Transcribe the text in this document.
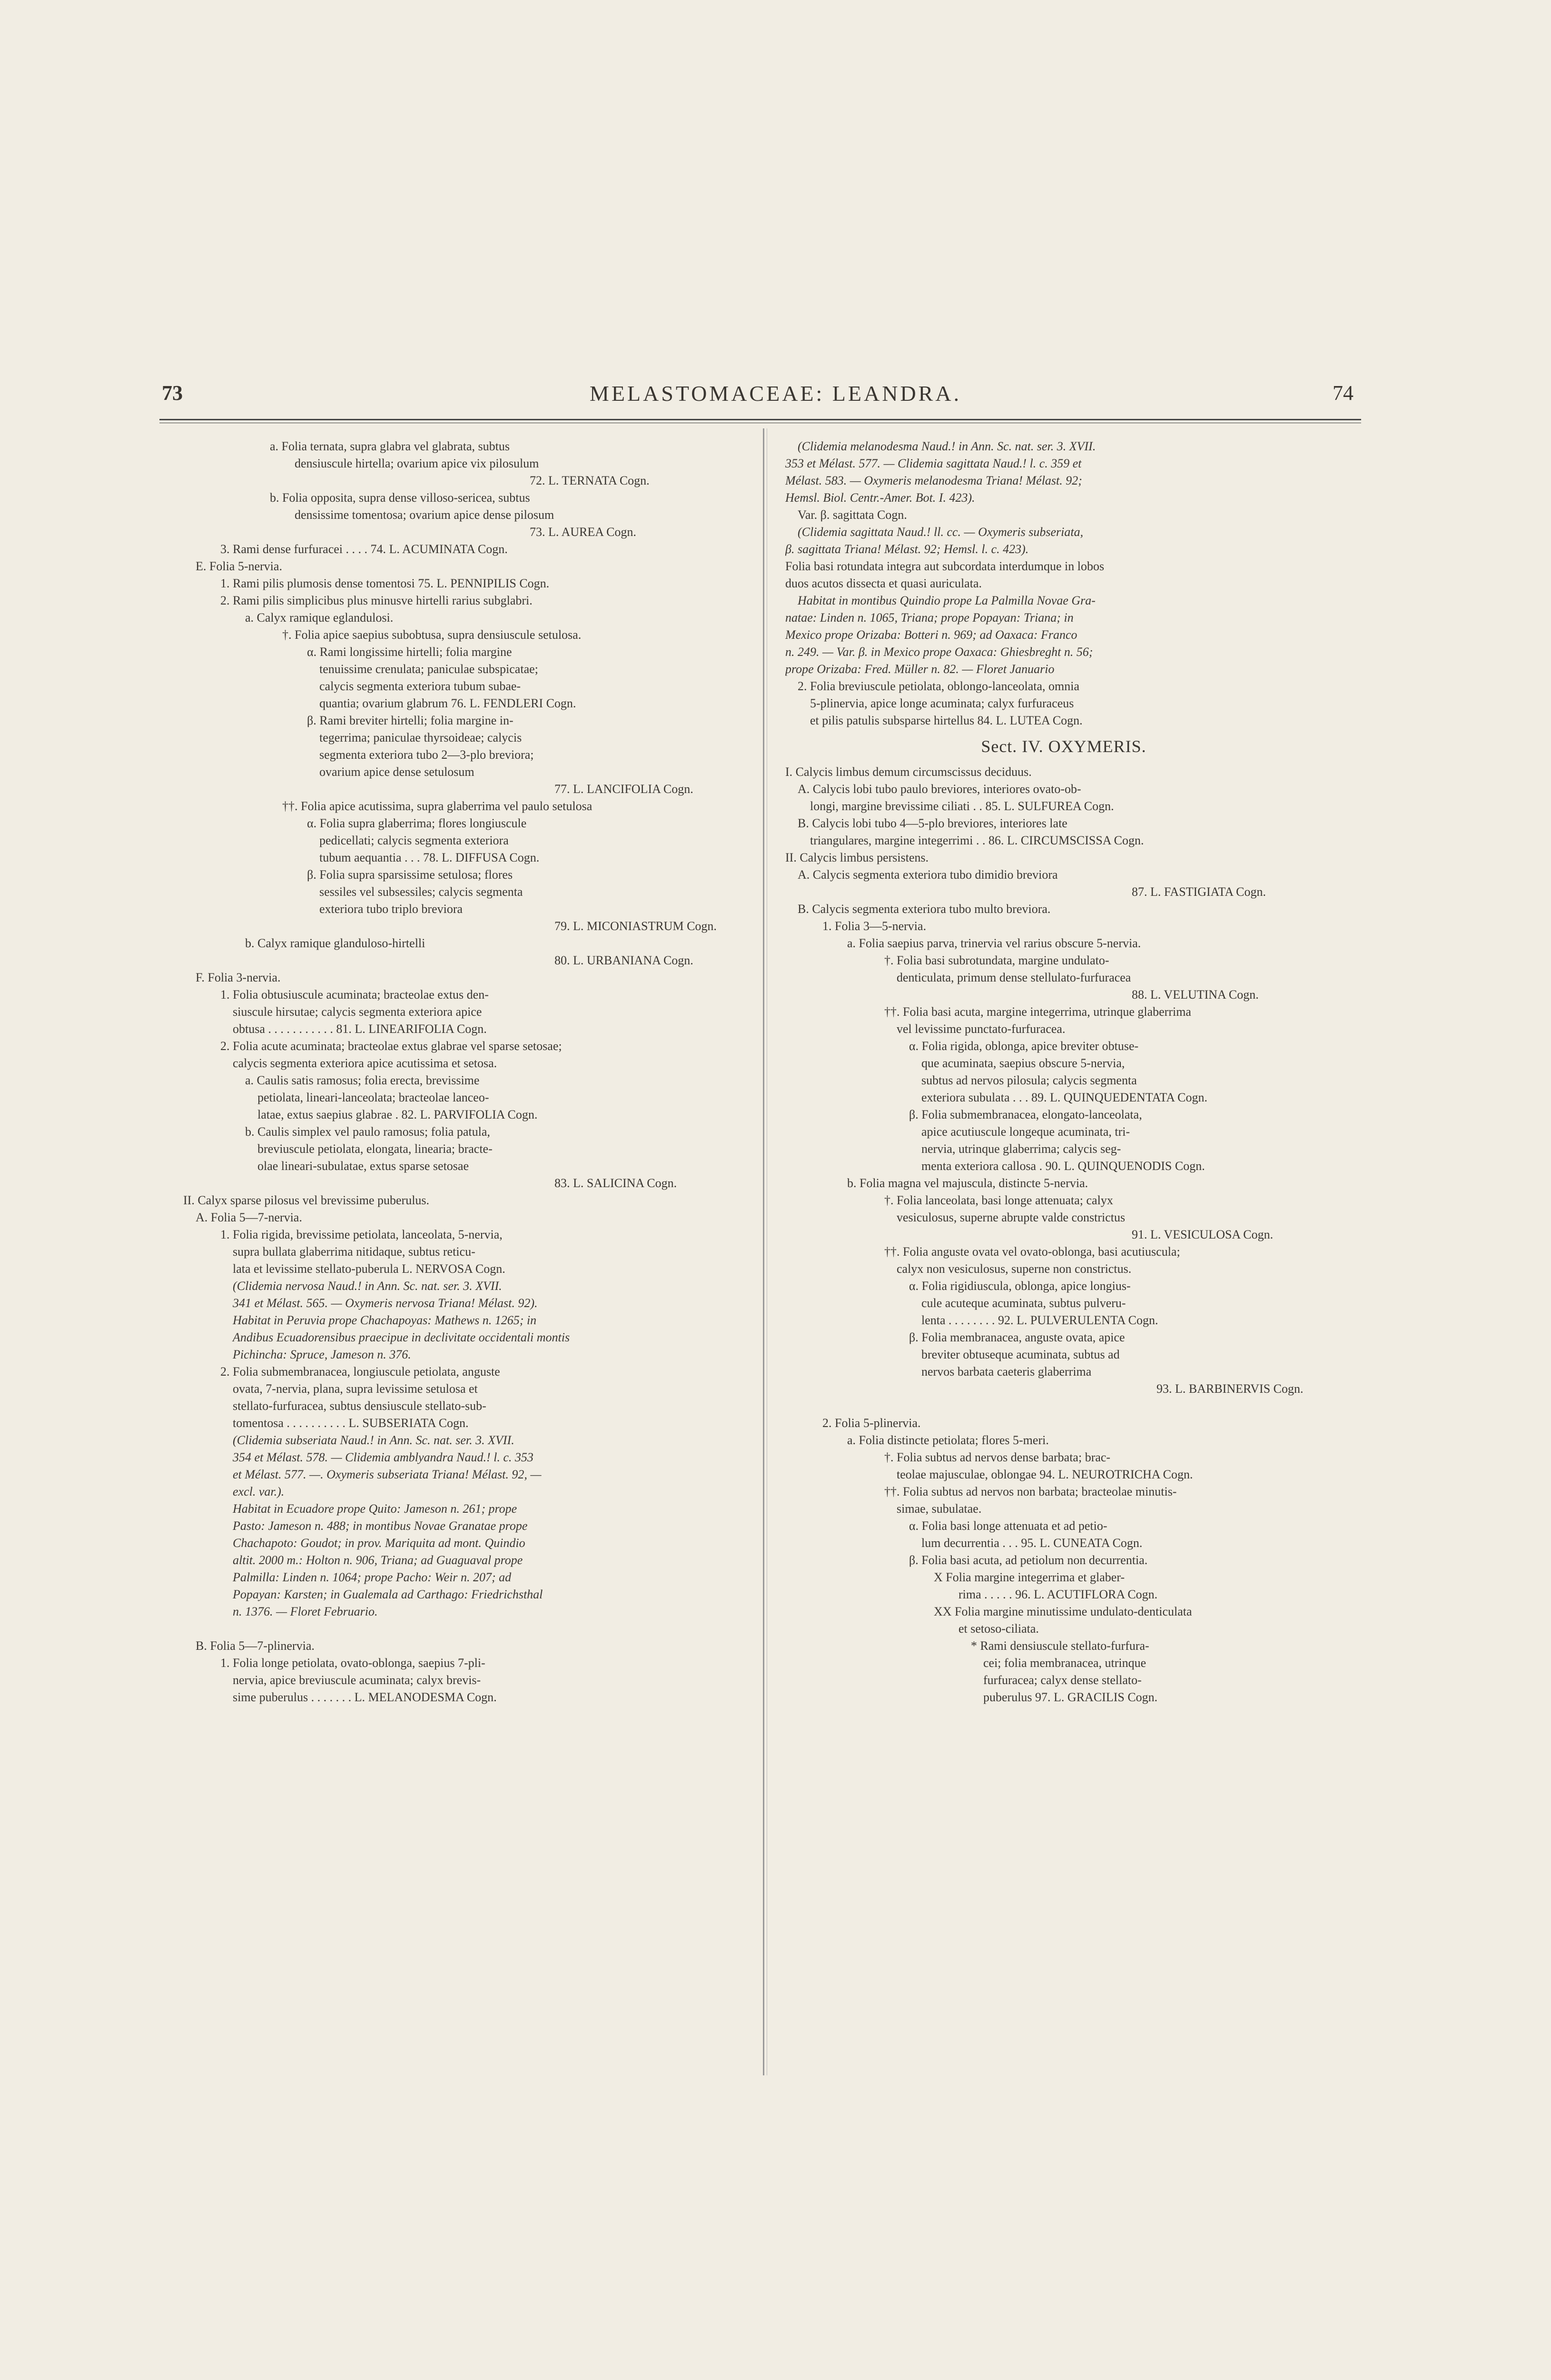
73	MELASTOMACEAE: LEANDRA.	74
a. Folia ternata, supra glabra vel glabrata, subtus
densiuscule hirtella; ovarium apice vix pilosulum
72. L. TERNATA Cogn.
b. Folia opposita, supra dense villoso-sericea, subtus
densissime tomentosa; ovarium apice dense pilosum
73. L. AUREA Cogn.
3. Rami dense furfuracei . . . . 74. L. ACUMINATA Cogn.
E. Folia 5-nervia.
1. Rami pilis plumosis dense tomentosi 75. L. PENNIPILIS Cogn.
2. Rami pilis simplicibus plus minusve hirtelli rarius subglabri.
a. Calyx ramique eglandulosi.
†. Folia apice saepius subobtusa, supra densiuscule setulosa.
α. Rami longissime hirtelli; folia margine
tenuissime crenulata; paniculae subspicatae;
calycis segmenta exteriora tubum subae-
quantia; ovarium glabrum 76. L. FENDLERI Cogn.
β. Rami breviter hirtelli; folia margine in-
tegerrima; paniculae thyrsoideae; calycis
segmenta exteriora tubo 2—3-plo breviora;
ovarium apice dense setulosum
77. L. LANCIFOLIA Cogn.
††. Folia apice acutissima, supra glaberrima vel paulo setulosa
α. Folia supra glaberrima; flores longiuscule
pedicellati; calycis segmenta exteriora
tubum aequantia . . . 78. L. DIFFUSA Cogn.
β. Folia supra sparsissime setulosa; flores
sessiles vel subsessiles; calycis segmenta
exteriora tubo triplo breviora
79. L. MICONIASTRUM Cogn.
b. Calyx ramique glanduloso-hirtelli
80. L. URBANIANA Cogn.
F. Folia 3-nervia.
1. Folia obtusiuscule acuminata; bracteolae extus den-
siuscule hirsutae; calycis segmenta exteriora apice
obtusa . . . . . . . . . . . 81. L. LINEARIFOLIA Cogn.
2. Folia acute acuminata; bracteolae extus glabrae vel sparse setosae;
calycis segmenta exteriora apice acutissima et setosa.
a. Caulis satis ramosus; folia erecta, brevissime
petiolata, lineari-lanceolata; bracteolae lanceo-
latae, extus saepius glabrae . 82. L. PARVIFOLIA Cogn.
b. Caulis simplex vel paulo ramosus; folia patula,
breviuscule petiolata, elongata, linearia; bracte-
olae lineari-subulatae, extus sparse setosae
83. L. SALICINA Cogn.
II. Calyx sparse pilosus vel brevissime puberulus.
A. Folia 5—7-nervia.
1. Folia rigida, brevissime petiolata, lanceolata, 5-nervia,
supra bullata glaberrima nitidaque, subtus reticu-
lata et levissime stellato-puberula L. NERVOSA Cogn.
(Clidemia nervosa Naud.! in Ann. Sc. nat. ser. 3. XVII.
341 et Mélast. 565. — Oxymeris nervosa Triana! Mélast. 92).
Habitat in Peruvia prope Chachapoyas: Mathews n. 1265; in
Andibus Ecuadorensibus praecipue in declivitate occidentali montis
Pichincha: Spruce, Jameson n. 376.
2. Folia submembranacea, longiuscule petiolata, anguste
ovata, 7-nervia, plana, supra levissime setulosa et
stellato-furfuracea, subtus densiuscule stellato-sub-
tomentosa . . . . . . . . . . L. SUBSERIATA Cogn.
(Clidemia subseriata Naud.! in Ann. Sc. nat. ser. 3. XVII.
354 et Mélast. 578. — Clidemia amblyandra Naud.! l. c. 353
et Mélast. 577. —. Oxymeris subseriata Triana! Mélast. 92, —
excl. var.).
Habitat in Ecuadore prope Quito: Jameson n. 261; prope
Pasto: Jameson n. 488; in montibus Novae Granatae prope
Chachapoto: Goudot; in prov. Mariquita ad mont. Quindio
altit. 2000 m.: Holton n. 906, Triana; ad Guaguaval prope
Palmilla: Linden n. 1064; prope Pacho: Weir n. 207; ad
Popayan: Karsten; in Gualemala ad Carthago: Friedrichsthal
n. 1376. — Floret Februario.
B. Folia 5—7-plinervia.
1. Folia longe petiolata, ovato-oblonga, saepius 7-pli-
nervia, apice breviuscule acuminata; calyx brevis-
sime puberulus . . . . . . . L. MELANODESMA Cogn.
(Clidemia melanodesma Naud.! in Ann. Sc. nat. ser. 3. XVII.
353 et Mélast. 577. — Clidemia sagittata Naud.! l. c. 359 et
Mélast. 583. — Oxymeris melanodesma Triana! Mélast. 92;
Hemsl. Biol. Centr.-Amer. Bot. I. 423).
Var. β. sagittata Cogn.
(Clidemia sagittata Naud.! ll. cc. — Oxymeris subseriata,
β. sagittata Triana! Mélast. 92; Hemsl. l. c. 423).
Folia basi rotundata integra aut subcordata interdumque in lobos
duos acutos dissecta et quasi auriculata.
Habitat in montibus Quindio prope La Palmilla Novae Gra-
natae: Linden n. 1065, Triana; prope Popayan: Triana; in
Mexico prope Orizaba: Botteri n. 969; ad Oaxaca: Franco
n. 249. — Var. β. in Mexico prope Oaxaca: Ghiesbreght n. 56;
prope Orizaba: Fred. Müller n. 82. — Floret Januario
2. Folia breviuscule petiolata, oblongo-lanceolata, omnia
5-plinervia, apice longe acuminata; calyx furfuraceus
et pilis patulis subsparse hirtellus 84. L. LUTEA Cogn.
Sect. IV. OXYMERIS.
I. Calycis limbus demum circumscissus deciduus.
A. Calycis lobi tubo paulo breviores, interiores ovato-ob-
longi, margine brevissime ciliati . . 85. L. SULFUREA Cogn.
B. Calycis lobi tubo 4—5-plo breviores, interiores late
triangulares, margine integerrimi . . 86. L. CIRCUMSCISSA Cogn.
II. Calycis limbus persistens.
A. Calycis segmenta exteriora tubo dimidio breviora
87. L. FASTIGIATA Cogn.
B. Calycis segmenta exteriora tubo multo breviora.
1. Folia 3—5-nervia.
a. Folia saepius parva, trinervia vel rarius obscure 5-nervia.
†. Folia basi subrotundata, margine undulato-
denticulata, primum dense stellulato-furfuracea
88. L. VELUTINA Cogn.
††. Folia basi acuta, margine integerrima, utrinque glaberrima
vel levissime punctato-furfuracea.
α. Folia rigida, oblonga, apice breviter obtuse-
que acuminata, saepius obscure 5-nervia,
subtus ad nervos pilosula; calycis segmenta
exteriora subulata . . . 89. L. QUINQUEDENTATA Cogn.
β. Folia submembranacea, elongato-lanceolata,
apice acutiuscule longeque acuminata, tri-
nervia, utrinque glaberrima; calycis seg-
menta exteriora callosa . 90. L. QUINQUENODIS Cogn.
b. Folia magna vel majuscula, distincte 5-nervia.
†. Folia lanceolata, basi longe attenuata; calyx
vesiculosus, superne abrupte valde constrictus
91. L. VESICULOSA Cogn.
††. Folia anguste ovata vel ovato-oblonga, basi acutiuscula;
calyx non vesiculosus, superne non constrictus.
α. Folia rigidiuscula, oblonga, apice longius-
cule acuteque acuminata, subtus pulveru-
lenta . . . . . . . . 92. L. PULVERULENTA Cogn.
β. Folia membranacea, anguste ovata, apice
breviter obtuseque acuminata, subtus ad
nervos barbata caeteris glaberrima
93. L. BARBINERVIS Cogn.
2. Folia 5-plinervia.
a. Folia distincte petiolata; flores 5-meri.
†. Folia subtus ad nervos dense barbata; brac-
teolae majusculae, oblongae 94. L. NEUROTRICHA Cogn.
††. Folia subtus ad nervos non barbata; bracteolae minutis-
simae, subulatae.
α. Folia basi longe attenuata et ad petio-
lum decurrentia . . . 95. L. CUNEATA Cogn.
β. Folia basi acuta, ad petiolum non decurrentia.
X Folia margine integerrima et glaber-
rima . . . . . 96. L. ACUTIFLORA Cogn.
XX Folia margine minutissime undulato-denticulata
et setoso-ciliata.
* Rami densiuscule stellato-furfura-
cei; folia membranacea, utrinque
furfuracea; calyx dense stellato-
puberulus 97. L. GRACILIS Cogn.
